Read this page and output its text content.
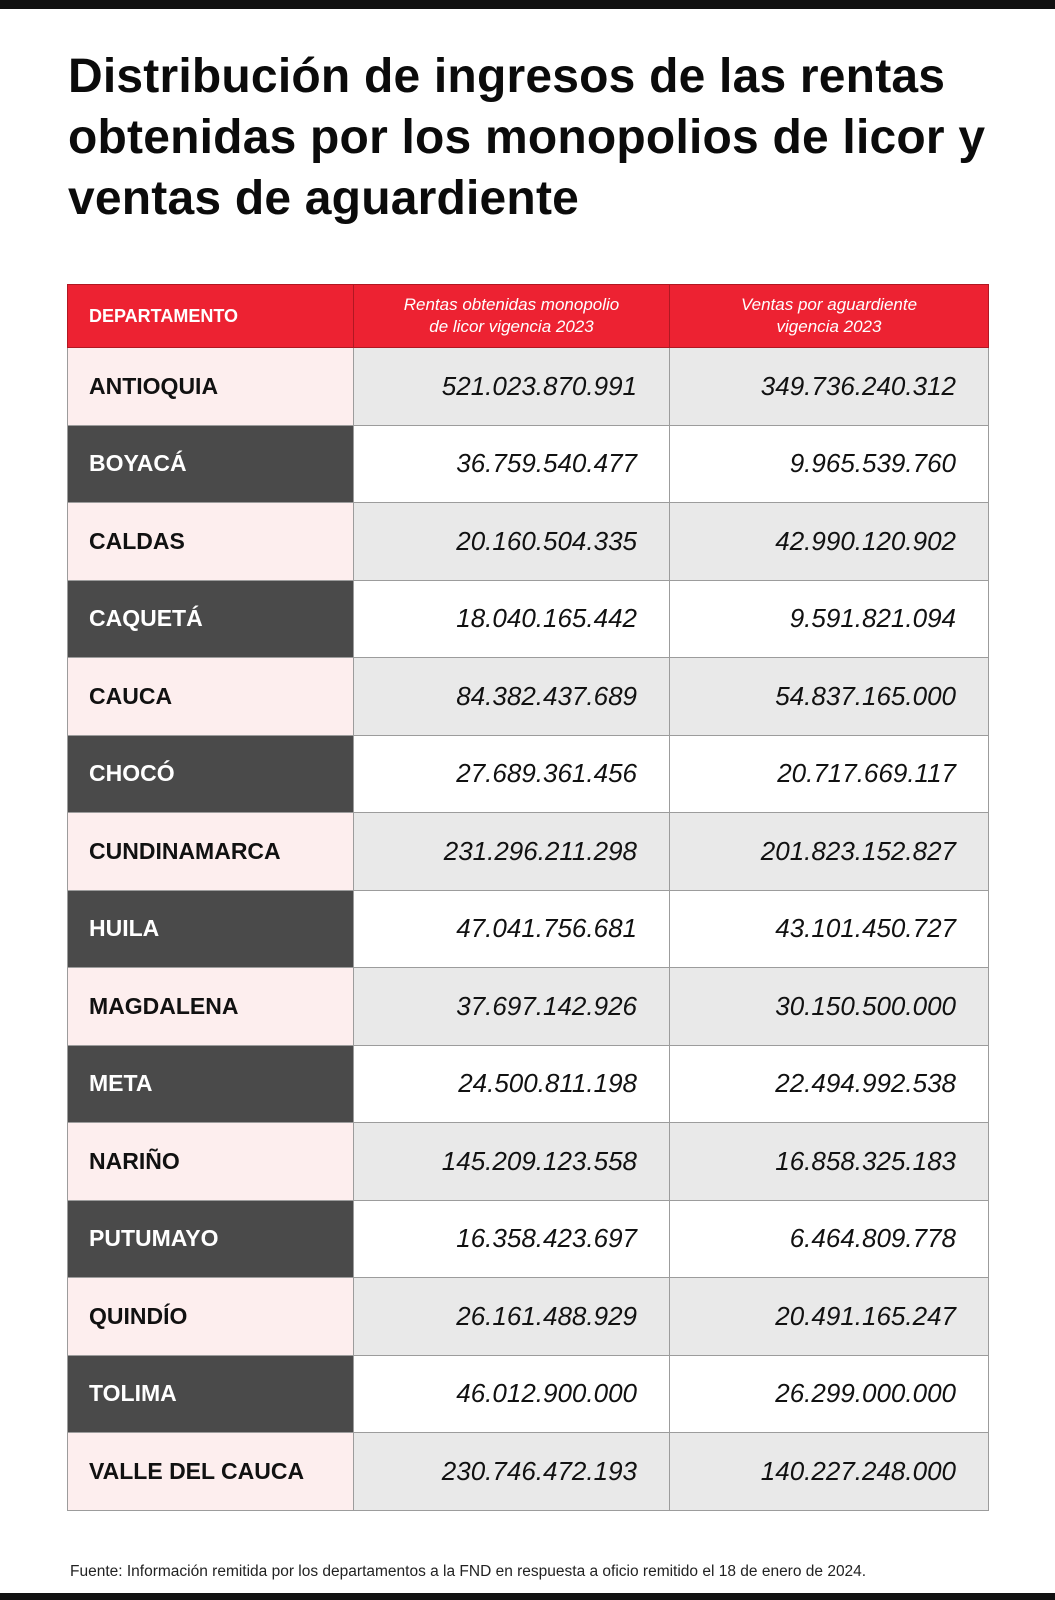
Distribución de ingresos de las rentas obtenidas por los monopolios de licor y ventas de aguardiente
DEPARTAMENTO	Rentas obtenidas monopolio de licor vigencia 2023	Ventas por aguardiente vigencia 2023
ANTIOQUIA	521.023.870.991	349.736.240.312
BOYACÁ	36.759.540.477	9.965.539.760
CALDAS	20.160.504.335	42.990.120.902
CAQUETÁ	18.040.165.442	9.591.821.094
CAUCA	84.382.437.689	54.837.165.000
CHOCÓ	27.689.361.456	20.717.669.117
CUNDINAMARCA	231.296.211.298	201.823.152.827
HUILA	47.041.756.681	43.101.450.727
MAGDALENA	37.697.142.926	30.150.500.000
META	24.500.811.198	22.494.992.538
NARIÑO	145.209.123.558	16.858.325.183
PUTUMAYO	16.358.423.697	6.464.809.778
QUINDÍO	26.161.488.929	20.491.165.247
TOLIMA	46.012.900.000	26.299.000.000
VALLE DEL CAUCA	230.746.472.193	140.227.248.000

Fuente: Información remitida por los departamentos a la FND en respuesta a oficio remitido el 18 de enero de 2024.
